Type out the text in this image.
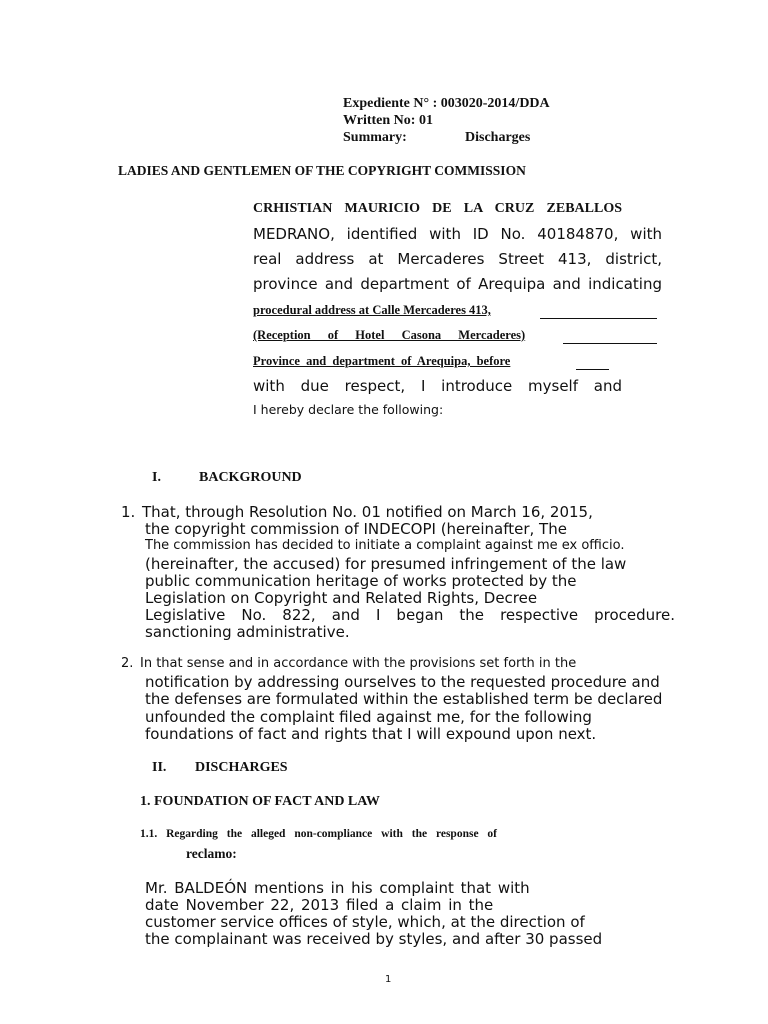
Expediente N° : 003020-2014/DDA

Written No: 01

Summary:	Discharges

LADIES AND GENTLEMEN OF THE COPYRIGHT COMMISSION

CRHISTIAN MAURICIO DE LA CRUZ ZEBALLOS

MEDRANO, identified with ID No. 40184870, with

real address at Mercaderes Street 413, district,

province and department of Arequipa and indicating

procedural address at Calle Mercaderes 413,

(Reception of Hotel Casona Mercaderes)

Province and department of Arequipa, before

with due respect, I introduce myself and

I hereby declare the following:

I.	BACKGROUND

1. That, through Resolution No. 01 notified on March 16, 2015,

the copyright commission of INDECOPI (hereinafter, The

The commission has decided to initiate a complaint against me ex officio.

(hereinafter, the accused) for presumed infringement of the law

public communication heritage of works protected by the

Legislation on Copyright and Related Rights, Decree

Legislative No. 822, and I began the respective procedure.

sanctioning administrative.

2. In that sense and in accordance with the provisions set forth in the

notification by addressing ourselves to the requested procedure and

the defenses are formulated within the established term be declared

unfounded the complaint filed against me, for the following

foundations of fact and rights that I will expound upon next.

II. DISCHARGES

1. FOUNDATION OF FACT AND LAW

1.1. Regarding the alleged non-compliance with the response of

reclamo:

Mr. BALDEÓN mentions in his complaint that with

date November 22, 2013 filed a claim in the

customer service offices of style, which, at the direction of

the complainant was received by styles, and after 30 passed

1
